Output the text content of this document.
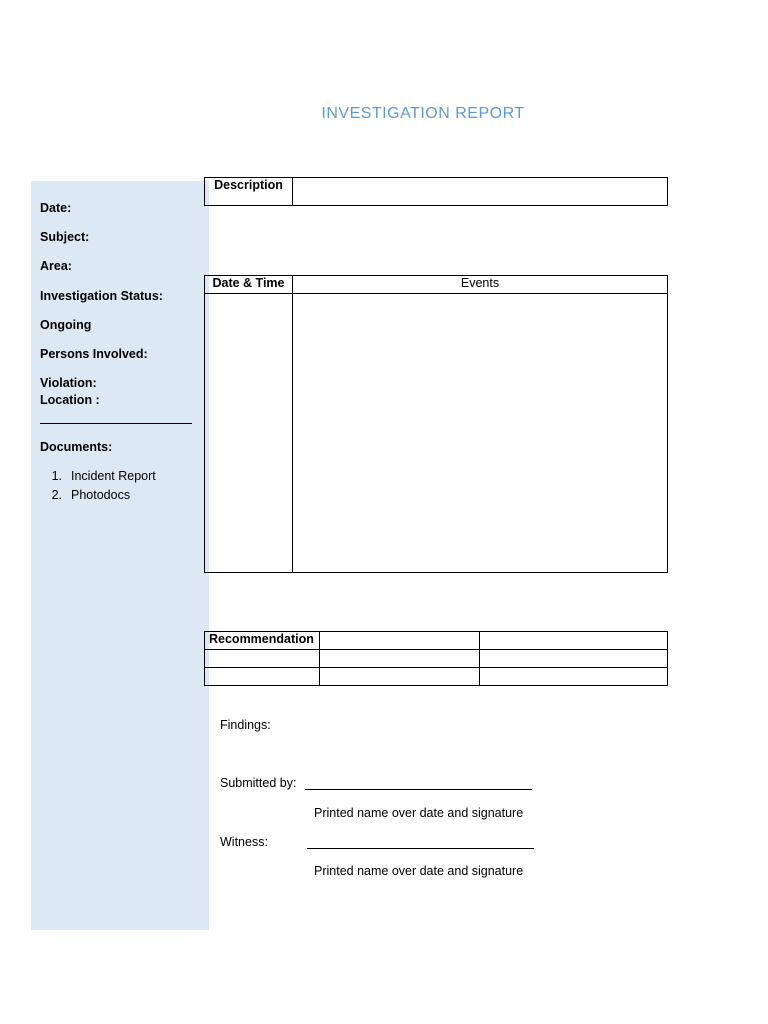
INVESTIGATION REPORT
Date:
Subject:
Area:
Investigation Status:
Ongoing
Persons Involved:
Violation:
Location :
Documents:
1. Incident Report
2. Photodocs
Description	
Date & Time	Events

Recommendation		

Findings:
Submitted by:
Printed name over date and signature
Witness:
Printed name over date and signature
